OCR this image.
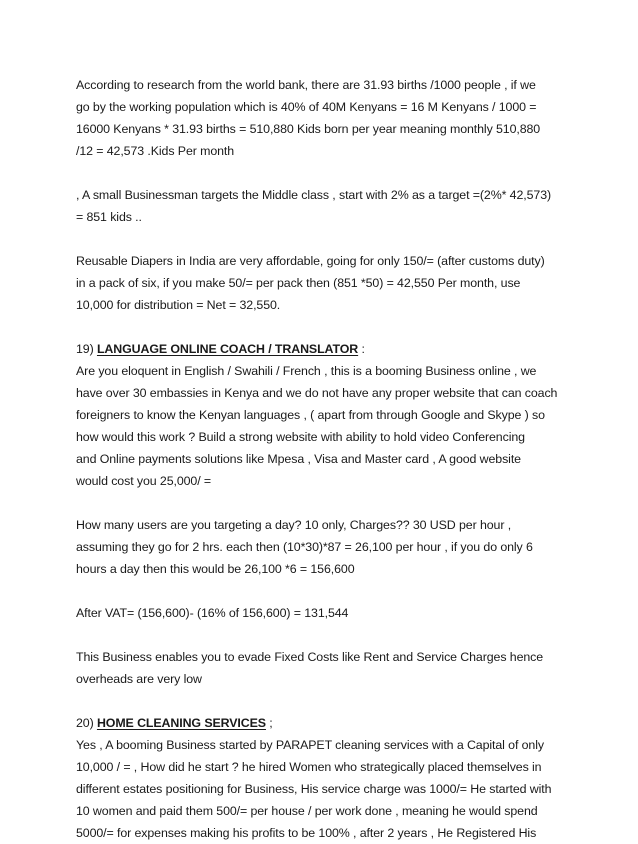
According to research from the world bank, there are 31.93 births /1000 people , if we
go by the working population which is 40% of 40M Kenyans = 16 M Kenyans / 1000 =
16000 Kenyans * 31.93 births = 510,880 Kids born per year meaning monthly 510,880
/12 = 42,573 .Kids Per month

, A small Businessman targets the Middle class , start with 2% as a target =(2%* 42,573)
= 851 kids ..

Reusable Diapers in India are very affordable, going for only 150/= (after customs duty)
in a pack of six, if you make 50/= per pack then (851 *50) = 42,550 Per month, use
10,000 for distribution = Net = 32,550.

19) LANGUAGE ONLINE COACH / TRANSLATOR :
Are you eloquent in English / Swahili / French , this is a booming Business online , we
have over 30 embassies in Kenya and we do not have any proper website that can coach
foreigners to know the Kenyan languages , ( apart from through Google and Skype ) so
how would this work ? Build a strong website with ability to hold video Conferencing
and Online payments solutions like Mpesa , Visa and Master card , A good website
would cost you 25,000/ =

How many users are you targeting a day? 10 only, Charges?? 30 USD per hour ,
assuming they go for 2 hrs. each then (10*30)*87 = 26,100 per hour , if you do only 6
hours a day then this would be 26,100 *6 = 156,600

After VAT= (156,600)- (16% of 156,600) = 131,544

This Business enables you to evade Fixed Costs like Rent and Service Charges hence
overheads are very low

20) HOME CLEANING SERVICES ;
Yes , A booming Business started by PARAPET cleaning services with a Capital of only
10,000 / = , How did he start ? he hired Women who strategically placed themselves in
different estates positioning for Business, His service charge was 1000/= He started with
10 women and paid them 500/= per house / per work done , meaning he would spend
5000/= for expenses making his profits to be 100% , after 2 years , He Registered His
